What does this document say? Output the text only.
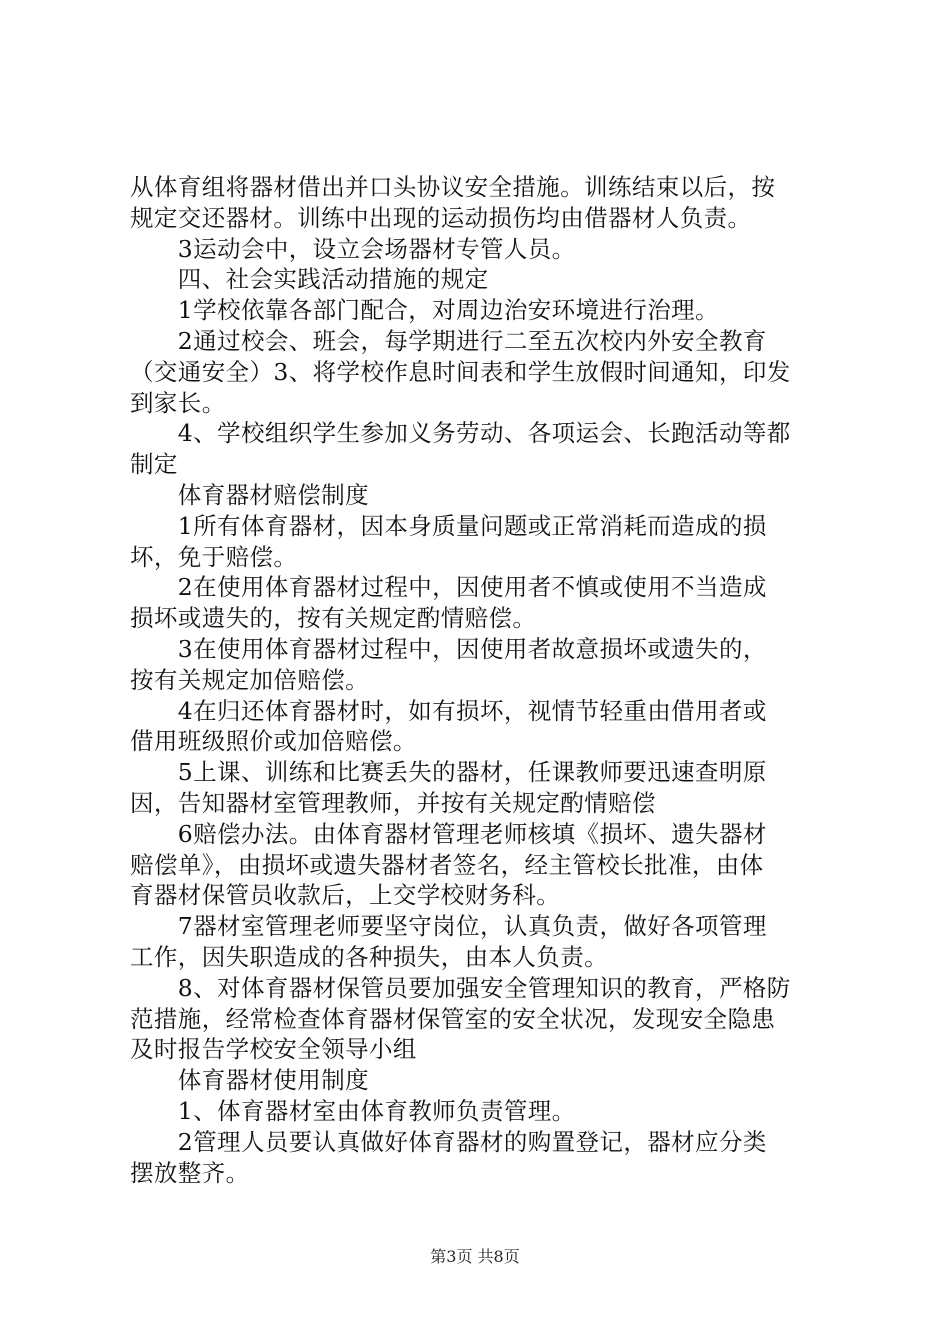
从体育组将器材借出并口头协议安全措施。训练结束以后，按
规定交还器材。训练中出现的运动损伤均由借器材人负责。
　　3运动会中，设立会场器材专管人员。
　　四、社会实践活动措施的规定
　　1学校依靠各部门配合，对周边治安环境进行治理。
　　2通过校会、班会，每学期进行二至五次校内外安全教育
（交通安全）3、将学校作息时间表和学生放假时间通知，印发
到家长。
　　4、学校组织学生参加义务劳动、各项运会、长跑活动等都
制定
　　体育器材赔偿制度
　　1所有体育器材，因本身质量问题或正常消耗而造成的损
坏，免于赔偿。
　　2在使用体育器材过程中，因使用者不慎或使用不当造成
损坏或遗失的，按有关规定酌情赔偿。
　　3在使用体育器材过程中，因使用者故意损坏或遗失的，
按有关规定加倍赔偿。
　　4在归还体育器材时，如有损坏，视情节轻重由借用者或
借用班级照价或加倍赔偿。
　　5上课、训练和比赛丢失的器材，任课教师要迅速查明原
因，告知器材室管理教师，并按有关规定酌情赔偿
　　6赔偿办法。由体育器材管理老师核填《损坏、遗失器材
赔偿单》，由损坏或遗失器材者签名，经主管校长批准，由体
育器材保管员收款后，上交学校财务科。
　　7器材室管理老师要坚守岗位，认真负责，做好各项管理
工作，因失职造成的各种损失，由本人负责。
　　8、对体育器材保管员要加强安全管理知识的教育，严格防
范措施，经常检查体育器材保管室的安全状况，发现安全隐患
及时报告学校安全领导小组
　　体育器材使用制度
　　1、体育器材室由体育教师负责管理。
　　2管理人员要认真做好体育器材的购置登记，器材应分类
摆放整齐。
第3页 共8页
